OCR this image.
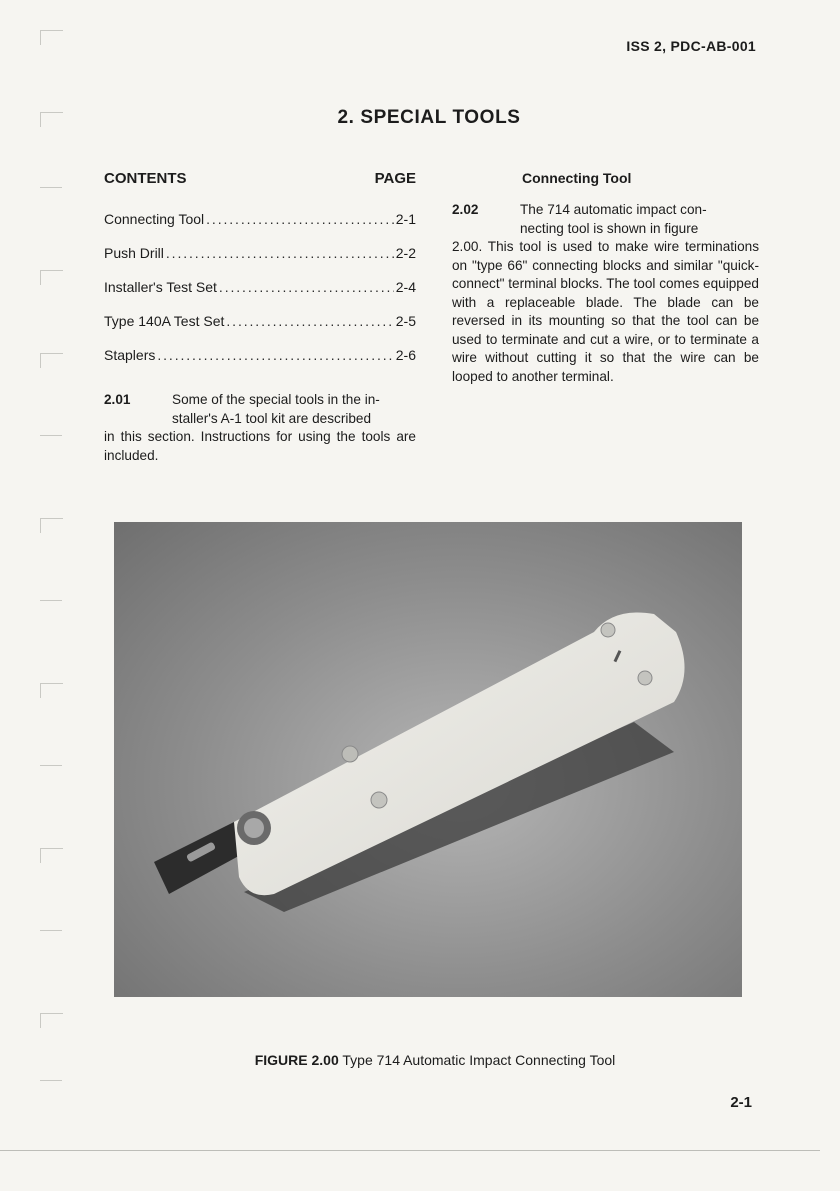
ISS 2, PDC-AB-001
2. SPECIAL TOOLS
CONTENTS	PAGE
Connecting Tool . . .	2-1
Push Drill . . .	2-2
Installer's Test Set . . .	2-4
Type 140A Test Set . . .	2-5
Staplers . . .	2-6

2.01	Some of the special tools in the in-
staller's A-1 tool kit are described
in this section. Instructions for using the tools are included.

Connecting Tool

2.02	The 714 automatic impact con-
necting tool is shown in figure
2.00. This tool is used to make wire terminations on "type 66" connecting blocks and similar "quick-connect" terminal blocks. The tool comes equipped with a replaceable blade. The blade can be reversed in its mounting so that the tool can be used to terminate and cut a wire, or to terminate a wire without cutting it so that the wire can be looped to another terminal.

FIGURE 2.00 Type 714 Automatic Impact Connecting Tool
2-1
